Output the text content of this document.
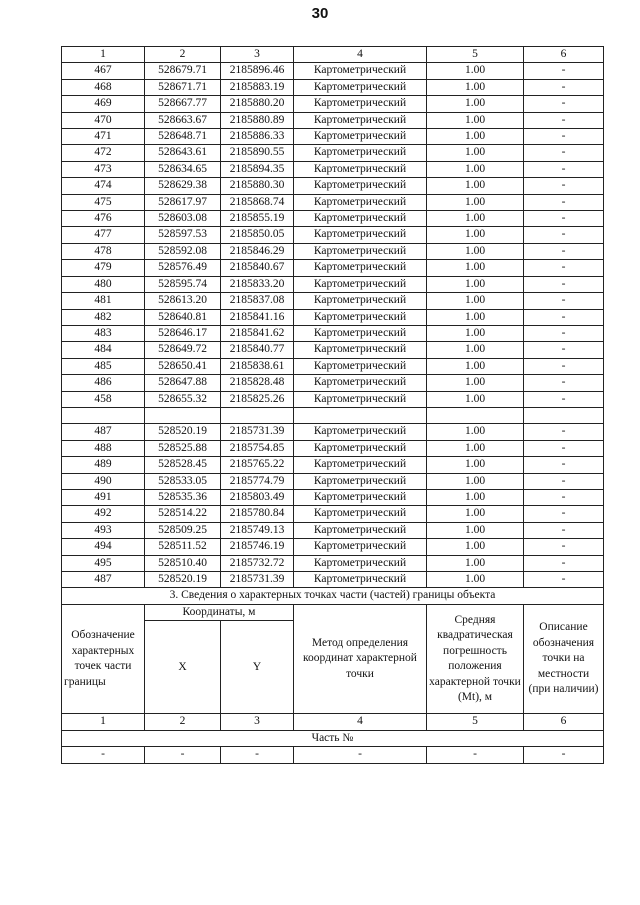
30
1	2	3	4	5	6
467	528679.71	2185896.46	Картометрический	1.00	-
468	528671.71	2185883.19	Картометрический	1.00	-
469	528667.77	2185880.20	Картометрический	1.00	-
470	528663.67	2185880.89	Картометрический	1.00	-
471	528648.71	2185886.33	Картометрический	1.00	-
472	528643.61	2185890.55	Картометрический	1.00	-
473	528634.65	2185894.35	Картометрический	1.00	-
474	528629.38	2185880.30	Картометрический	1.00	-
475	528617.97	2185868.74	Картометрический	1.00	-
476	528603.08	2185855.19	Картометрический	1.00	-
477	528597.53	2185850.05	Картометрический	1.00	-
478	528592.08	2185846.29	Картометрический	1.00	-
479	528576.49	2185840.67	Картометрический	1.00	-
480	528595.74	2185833.20	Картометрический	1.00	-
481	528613.20	2185837.08	Картометрический	1.00	-
482	528640.81	2185841.16	Картометрический	1.00	-
483	528646.17	2185841.62	Картометрический	1.00	-
484	528649.72	2185840.77	Картометрический	1.00	-
485	528650.41	2185838.61	Картометрический	1.00	-
486	528647.88	2185828.48	Картометрический	1.00	-
458	528655.32	2185825.26	Картометрический	1.00	-

487	528520.19	2185731.39	Картометрический	1.00	-
488	528525.88	2185754.85	Картометрический	1.00	-
489	528528.45	2185765.22	Картометрический	1.00	-
490	528533.05	2185774.79	Картометрический	1.00	-
491	528535.36	2185803.49	Картометрический	1.00	-
492	528514.22	2185780.84	Картометрический	1.00	-
493	528509.25	2185749.13	Картометрический	1.00	-
494	528511.52	2185746.19	Картометрический	1.00	-
495	528510.40	2185732.72	Картометрический	1.00	-
487	528520.19	2185731.39	Картометрический	1.00	-
3. Сведения о характерных точках части (частей) границы объекта					
Обозначение характерных точек части границы	Координаты, м		Метод определения координат характерной точки	Средняя квадратическая погрешность положения характерной точки (Mt), м	Описание обозначения точки на местности (при наличии)
	X	Y			
1	2	3	4	5	6
Часть №					
-	-	-	-	-	-
